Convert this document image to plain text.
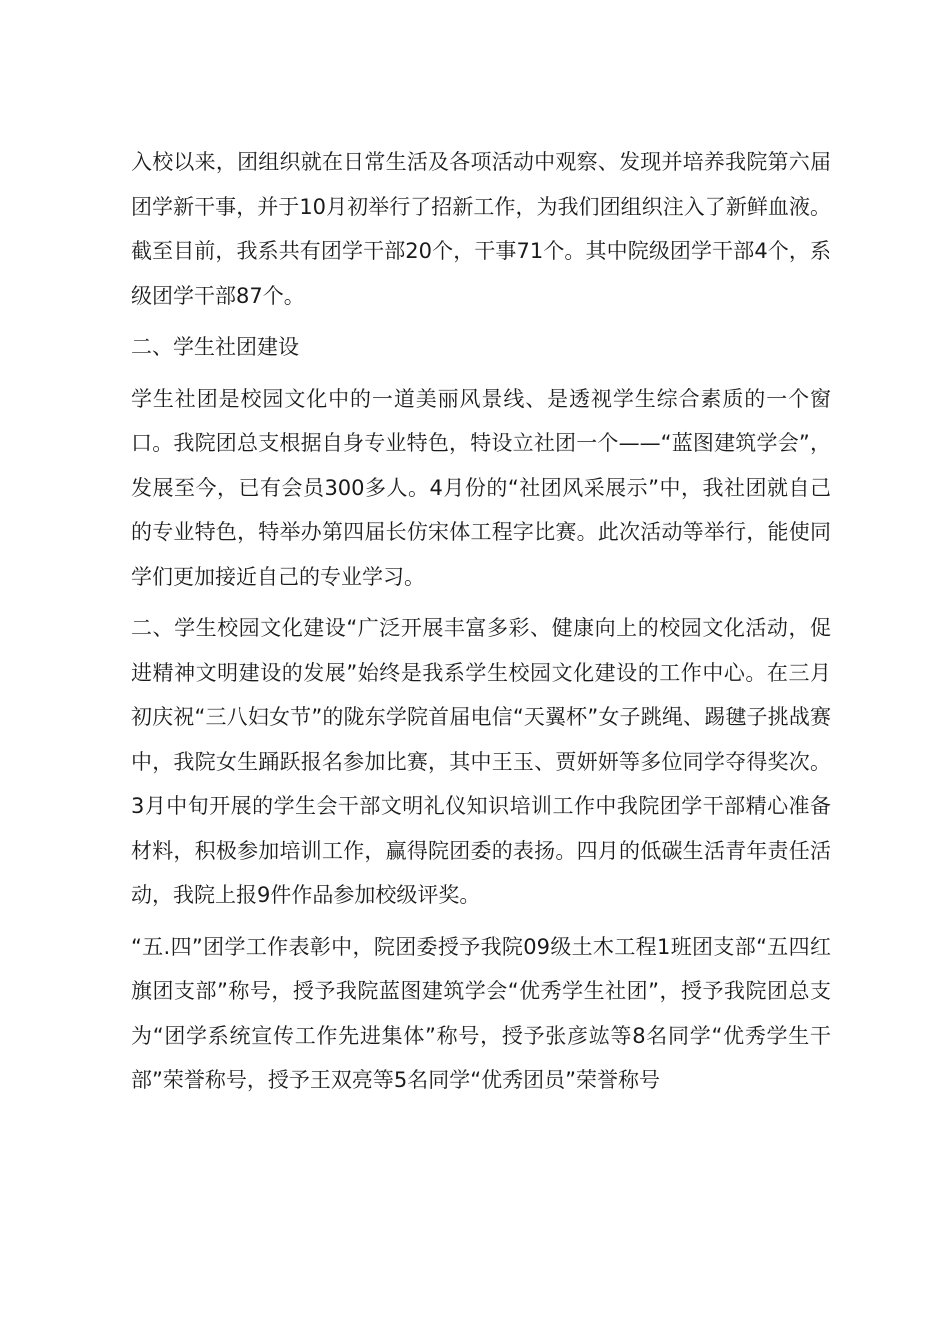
入校以来，团组织就在日常生活及各项活动中观察、发现并培养我院第六届团学新干事，并于10月初举行了招新工作，为我们团组织注入了新鲜血液。截至目前，我系共有团学干部20个，干事71个。其中院级团学干部4个，系级团学干部87个。

二、学生社团建设

学生社团是校园文化中的一道美丽风景线、是透视学生综合素质的一个窗口。我院团总支根据自身专业特色，特设立社团一个——“蓝图建筑学会”，发展至今，已有会员300多人。4月份的“社团风采展示”中，我社团就自己的专业特色，特举办第四届长仿宋体工程字比赛。此次活动等举行，能使同学们更加接近自己的专业学习。

二、学生校园文化建设“广泛开展丰富多彩、健康向上的校园文化活动，促进精神文明建设的发展”始终是我系学生校园文化建设的工作中心。在三月初庆祝“三八妇女节”的陇东学院首届电信“天翼杯”女子跳绳、踢毽子挑战赛中，我院女生踊跃报名参加比赛，其中王玉、贾妍妍等多位同学夺得奖次。3月中旬开展的学生会干部文明礼仪知识培训工作中我院团学干部精心准备材料，积极参加培训工作，赢得院团委的表扬。四月的低碳生活青年责任活动，我院上报9件作品参加校级评奖。

“五.四”团学工作表彰中，院团委授予我院09级土木工程1班团支部“五四红旗团支部”称号，授予我院蓝图建筑学会“优秀学生社团”，授予我院团总支为“团学系统宣传工作先进集体”称号，授予张彦竑等8名同学“优秀学生干部”荣誉称号，授予王双亮等5名同学“优秀团员”荣誉称号
